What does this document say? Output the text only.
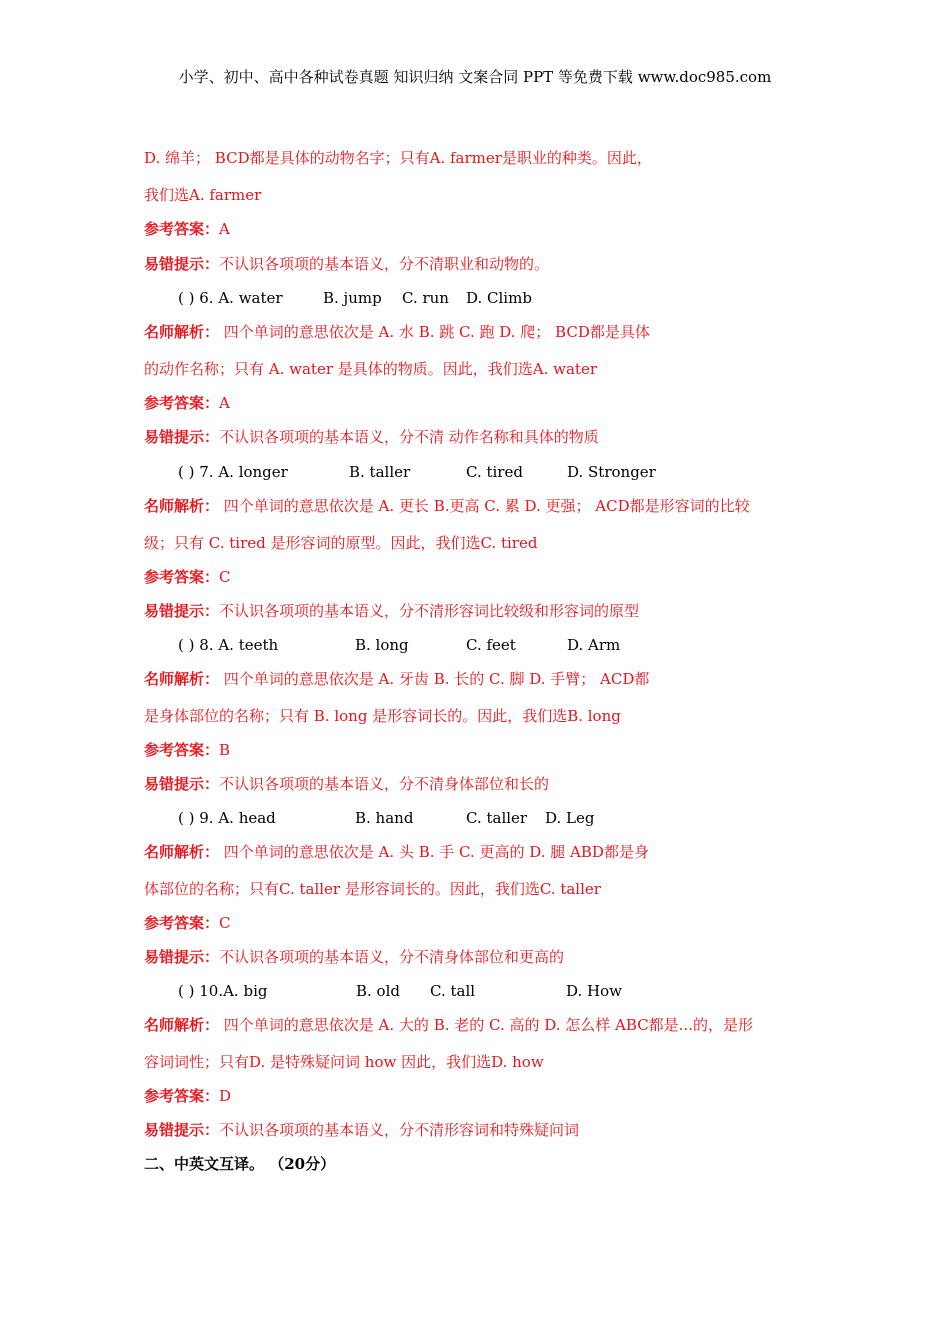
小学、初中、高中各种试卷真题 知识归纳 文案合同 PPT 等免费下载 www.doc985.com
D. 绵羊； BCD都是具体的动物名字；只有A. farmer是职业的种类。因此，
我们选A. farmer
参考答案：A
易错提示：不认识各项项的基本语义，分不清职业和动物的。
( ) 6. A. water	B. jump C. run D. Climb
名师解析： 四个单词的意思依次是 A. 水 B. 跳 C. 跑 D. 爬； BCD都是具体
的动作名称；只有 A. water 是具体的物质。因此，我们选A. water
参考答案：A
易错提示：不认识各项项的基本语义，分不清 动作名称和具体的物质
( ) 7. A. longer	B. taller	C. tired	D. Stronger
名师解析： 四个单词的意思依次是 A. 更长 B.更高 C. 累 D. 更强； ACD都是形容词的比较
级；只有 C. tired 是形容词的原型。因此，我们选C. tired
参考答案：C
易错提示：不认识各项项的基本语义，分不清形容词比较级和形容词的原型
( ) 8. A. teeth	B. long	C. feet	D. Arm
名师解析： 四个单词的意思依次是 A. 牙齿 B. 长的 C. 脚 D. 手臂； ACD都
是身体部位的名称；只有 B. long 是形容词长的。因此，我们选B. long
参考答案：B
易错提示：不认识各项项的基本语义，分不清身体部位和长的
( ) 9. A. head	B. hand	C. taller D. Leg
名师解析： 四个单词的意思依次是 A. 头 B. 手 C. 更高的 D. 腿 ABD都是身
体部位的名称；只有C. taller 是形容词长的。因此，我们选C. taller
参考答案：C
易错提示：不认识各项项的基本语义，分不清身体部位和更高的
( ) 10.A. big	B. old C. tall	D. How
名师解析： 四个单词的意思依次是 A. 大的 B. 老的 C. 高的 D. 怎么样 ABC都是...的，是形
容词词性；只有D. 是特殊疑问词 how 因此，我们选D. how
参考答案：D
易错提示：不认识各项项的基本语义，分不清形容词和特殊疑问词
二、中英文互译。 （20分）
